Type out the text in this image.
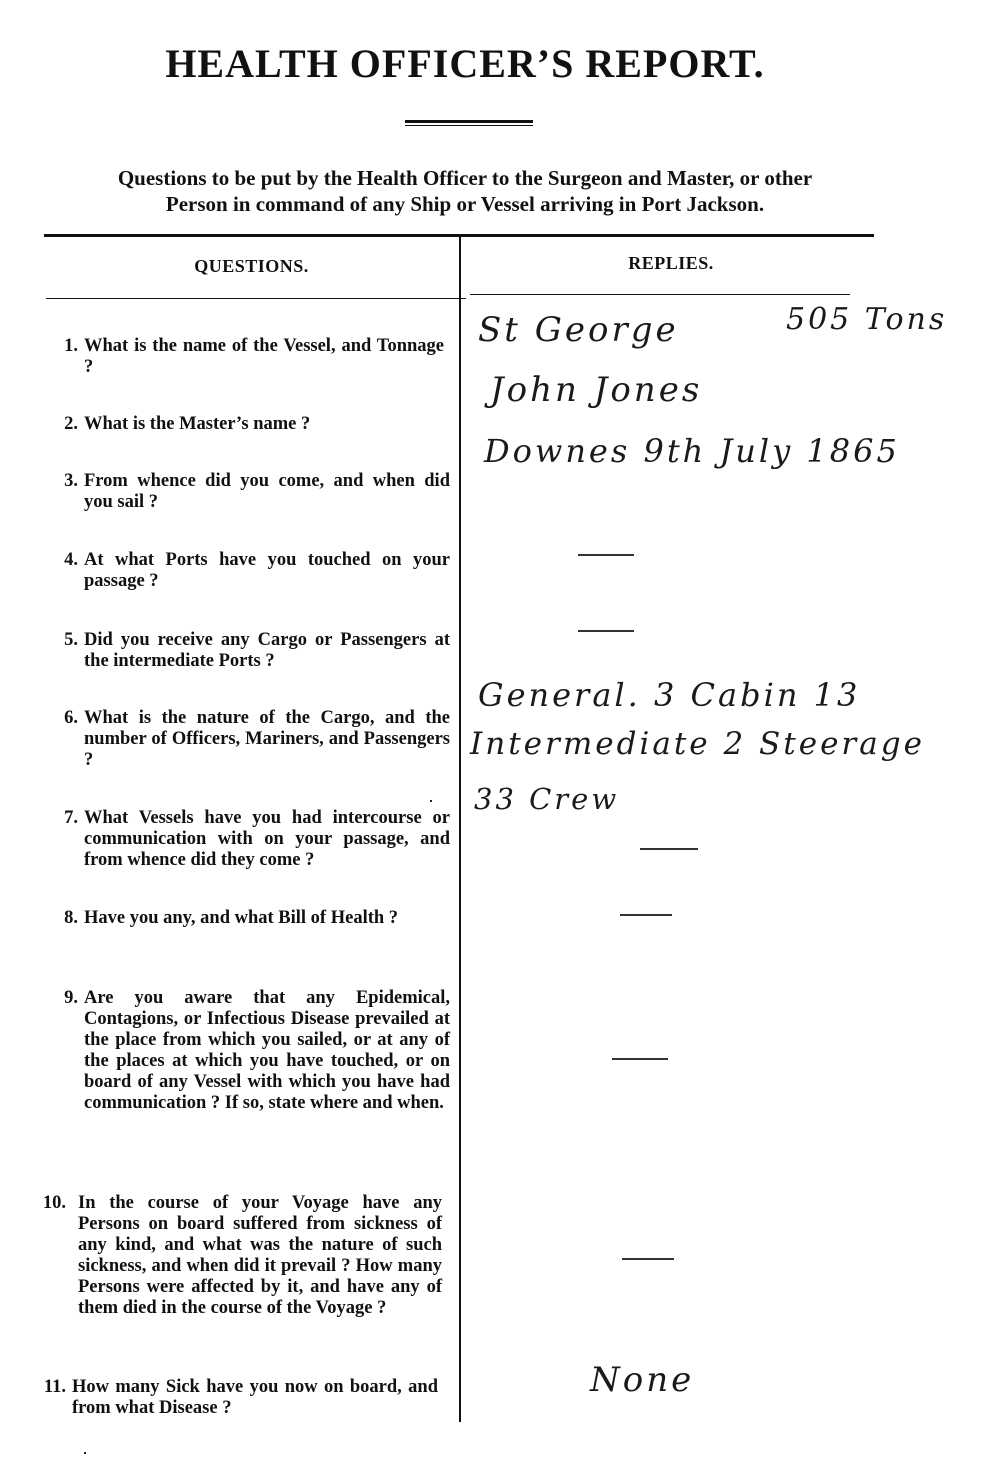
HEALTH OFFICER’S REPORT.
Questions to be put by the Health Officer to the Surgeon and Master, or other
Person in command of any Ship or Vessel arriving in Port Jackson.
QUESTIONS.	REPLIES.
1. What is the name of the Vessel, and Tonnage ?
2. What is the Master’s name ?
3. From whence did you come, and when did you sail ?
4. At what Ports have you touched on your passage ?
5. Did you receive any Cargo or Passengers at the intermediate Ports ?
6. What is the nature of the Cargo, and the number of Officers, Mariners, and Passengers ?
7. What Vessels have you had intercourse or communication with on your passage, and from whence did they come ?
8. Have you any, and what Bill of Health ?
9. Are you aware that any Epidemical, Contagions, or Infectious Disease prevailed at the place from which you sailed, or at any of the places at which you have touched, or on board of any Vessel with which you have had communication ? If so, state where and when.
10. In the course of your Voyage have any Persons on board suffered from sickness of any kind, and what was the nature of such sickness, and when did it prevail ? How many Persons were affected by it, and have any of them died in the course of the Voyage ?
11. How many Sick have you now on board, and from what Disease ?
St George	505 Tons
John Jones
Downes 9th July 1865
General. 3 Cabin 13
Intermediate 2 Steerage
33 Crew
None
